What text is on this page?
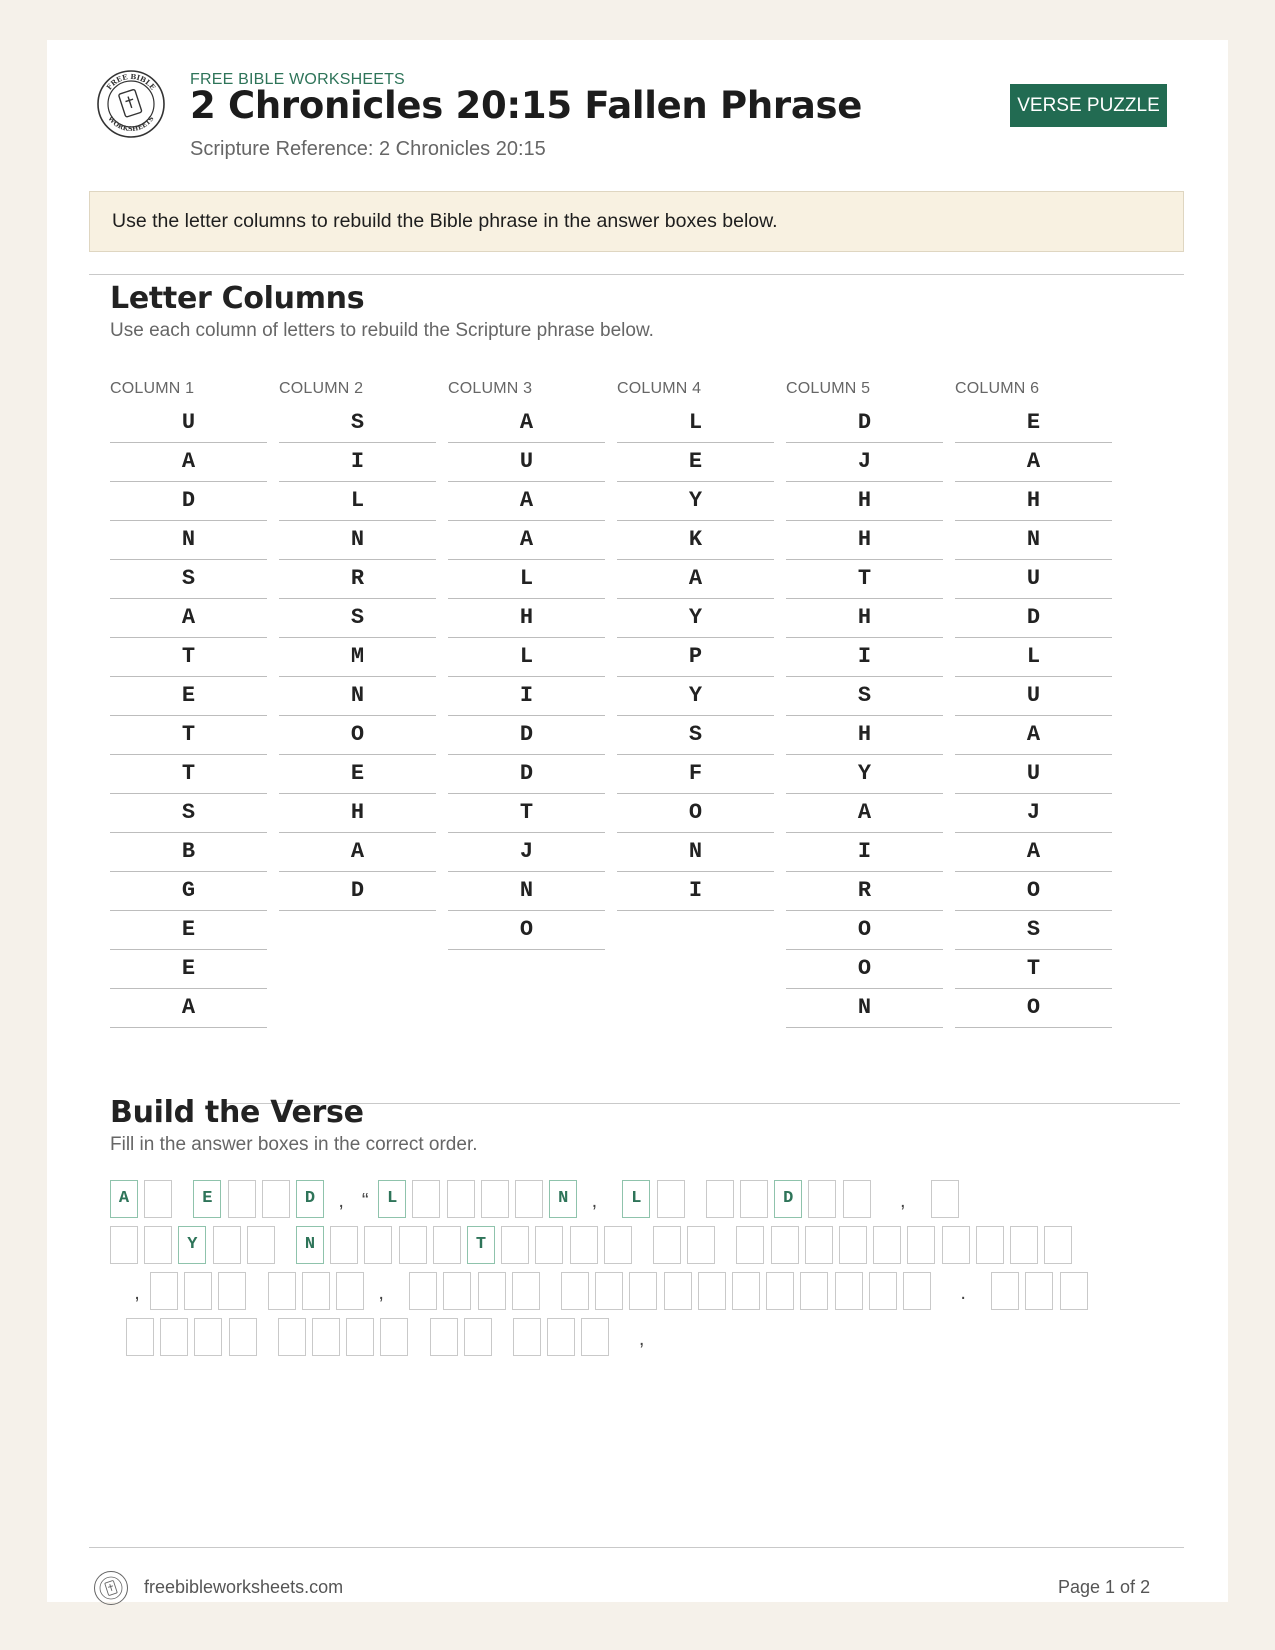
FREE BIBLE
WORKSHEETS
FREE BIBLE WORKSHEETS
2 Chronicles 20:15 Fallen Phrase
Scripture Reference: 2 Chronicles 20:15
VERSE PUZZLE
Use the letter columns to rebuild the Bible phrase in the answer boxes below.
Letter Columns
Use each column of letters to rebuild the Scripture phrase below.
COLUMN 1
U
A
D
N
S
A
T
E
T
T
S
B
G
E
E
A
COLUMN 2
S
I
L
N
R
S
M
N
O
E
H
A
D
COLUMN 3
A
U
A
A
L
H
L
I
D
D
T
J
N
O
COLUMN 4
L
E
Y
K
A
Y
P
Y
S
F
O
N
I
COLUMN 5
D
J
H
H
T
H
I
S
H
Y
A
I
R
O
O
N
COLUMN 6
E
A
H
N
U
D
L
U
A
U
J
A
O
S
T
O
Build the Verse
Fill in the answer boxes in the correct order.
A	E	D	, “	L	N	,	L	D	,
Y	N	T
,	,	.
,
freebibleworksheets.com	Page 1 of 2
